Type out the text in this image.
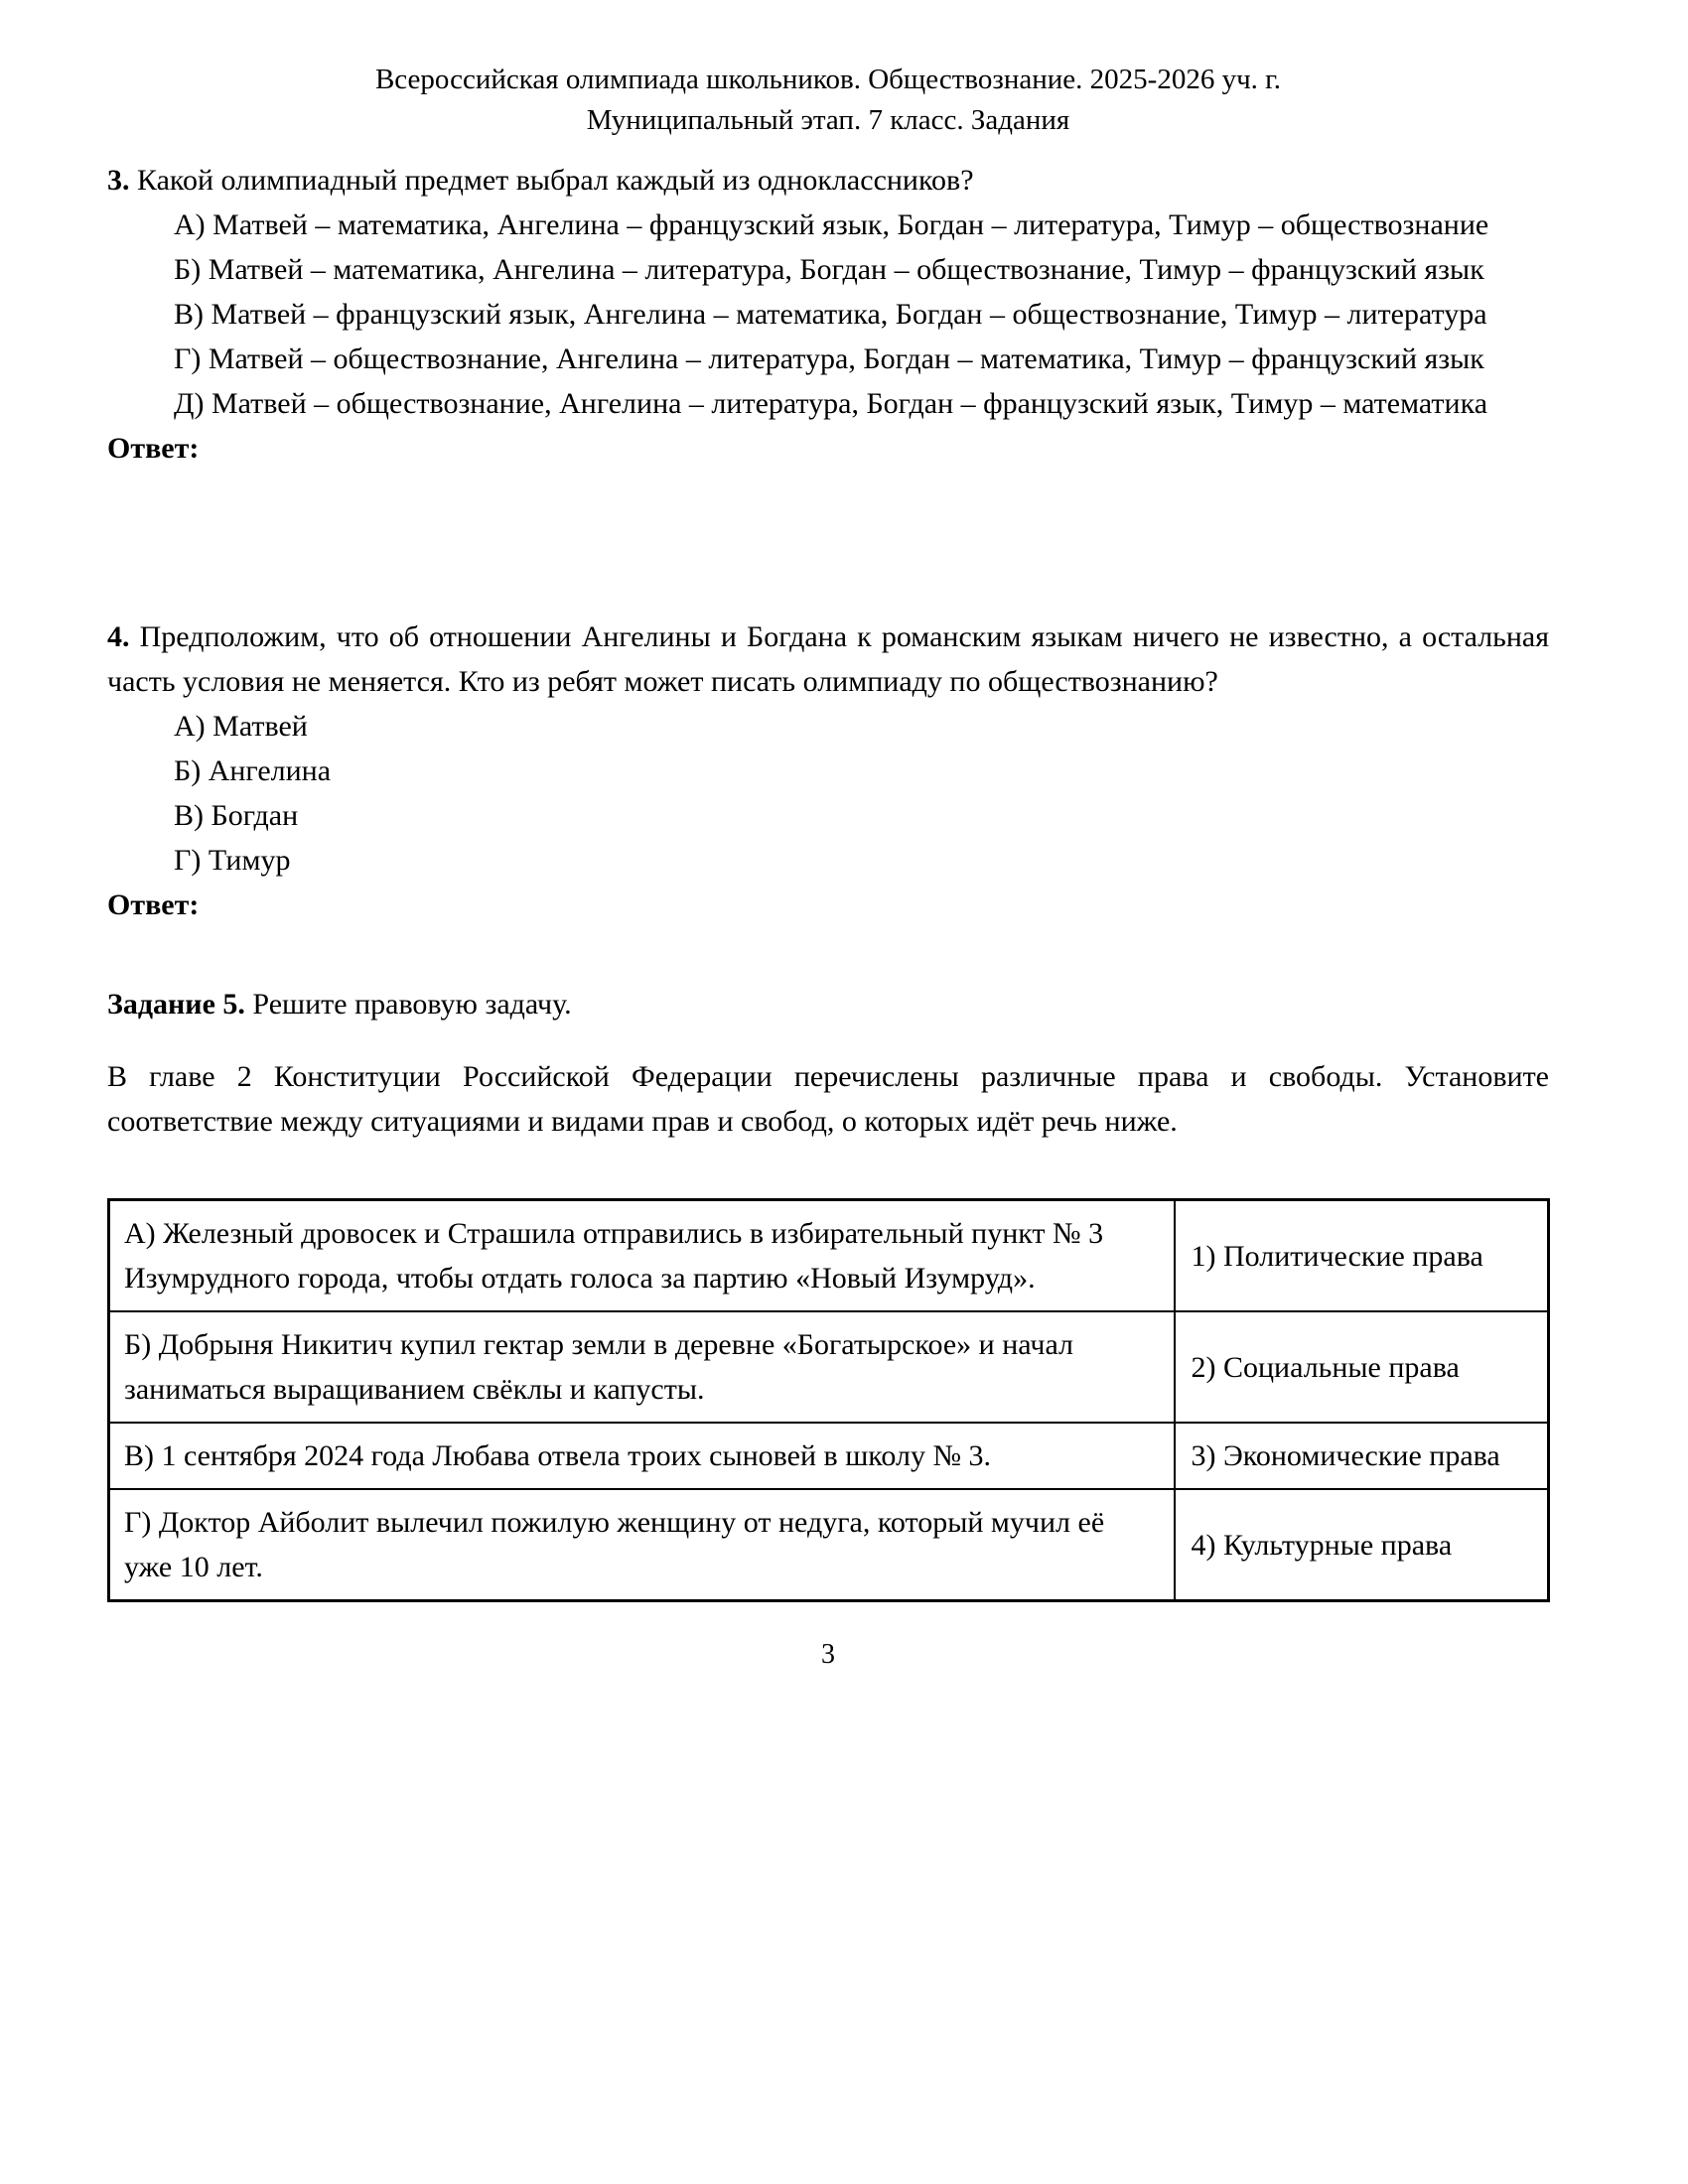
Всероссийская олимпиада школьников. Обществознание. 2025-2026 уч. г.
Муниципальный этап. 7 класс. Задания

3. Какой олимпиадный предмет выбрал каждый из одноклассников?

А) Матвей – математика, Ангелина – французский язык, Богдан – литература, Тимур – обществознание
Б) Матвей – математика, Ангелина – литература, Богдан – обществознание, Тимур – французский язык
В) Матвей – французский язык, Ангелина – математика, Богдан – обществознание, Тимур – литература
Г) Матвей – обществознание, Ангелина – литература, Богдан – математика, Тимур – французский язык
Д) Матвей – обществознание, Ангелина – литература, Богдан – французский язык, Тимур – математика

Ответ:

4. Предположим, что об отношении Ангелины и Богдана к романским языкам ничего не известно, а остальная часть условия не меняется. Кто из ребят может писать олимпиаду по обществознанию?

А) Матвей
Б) Ангелина
В) Богдан
Г) Тимур

Ответ:

Задание 5. Решите правовую задачу.

В главе 2 Конституции Российской Федерации перечислены различные права и свободы. Установите соответствие между ситуациями и видами прав и свобод, о которых идёт речь ниже.

А) Железный дровосек и Страшила отправились в избирательный пункт № 3 Изумрудного города, чтобы отдать голоса за партию «Новый Изумруд».	1) Политические права
Б) Добрыня Никитич купил гектар земли в деревне «Богатырское» и начал заниматься выращиванием свёклы и капусты.	2) Социальные права
В) 1 сентября 2024 года Любава отвела троих сыновей в школу № 3.	3) Экономические права
Г) Доктор Айболит вылечил пожилую женщину от недуга, который мучил её уже 10 лет.	4) Культурные права
3
